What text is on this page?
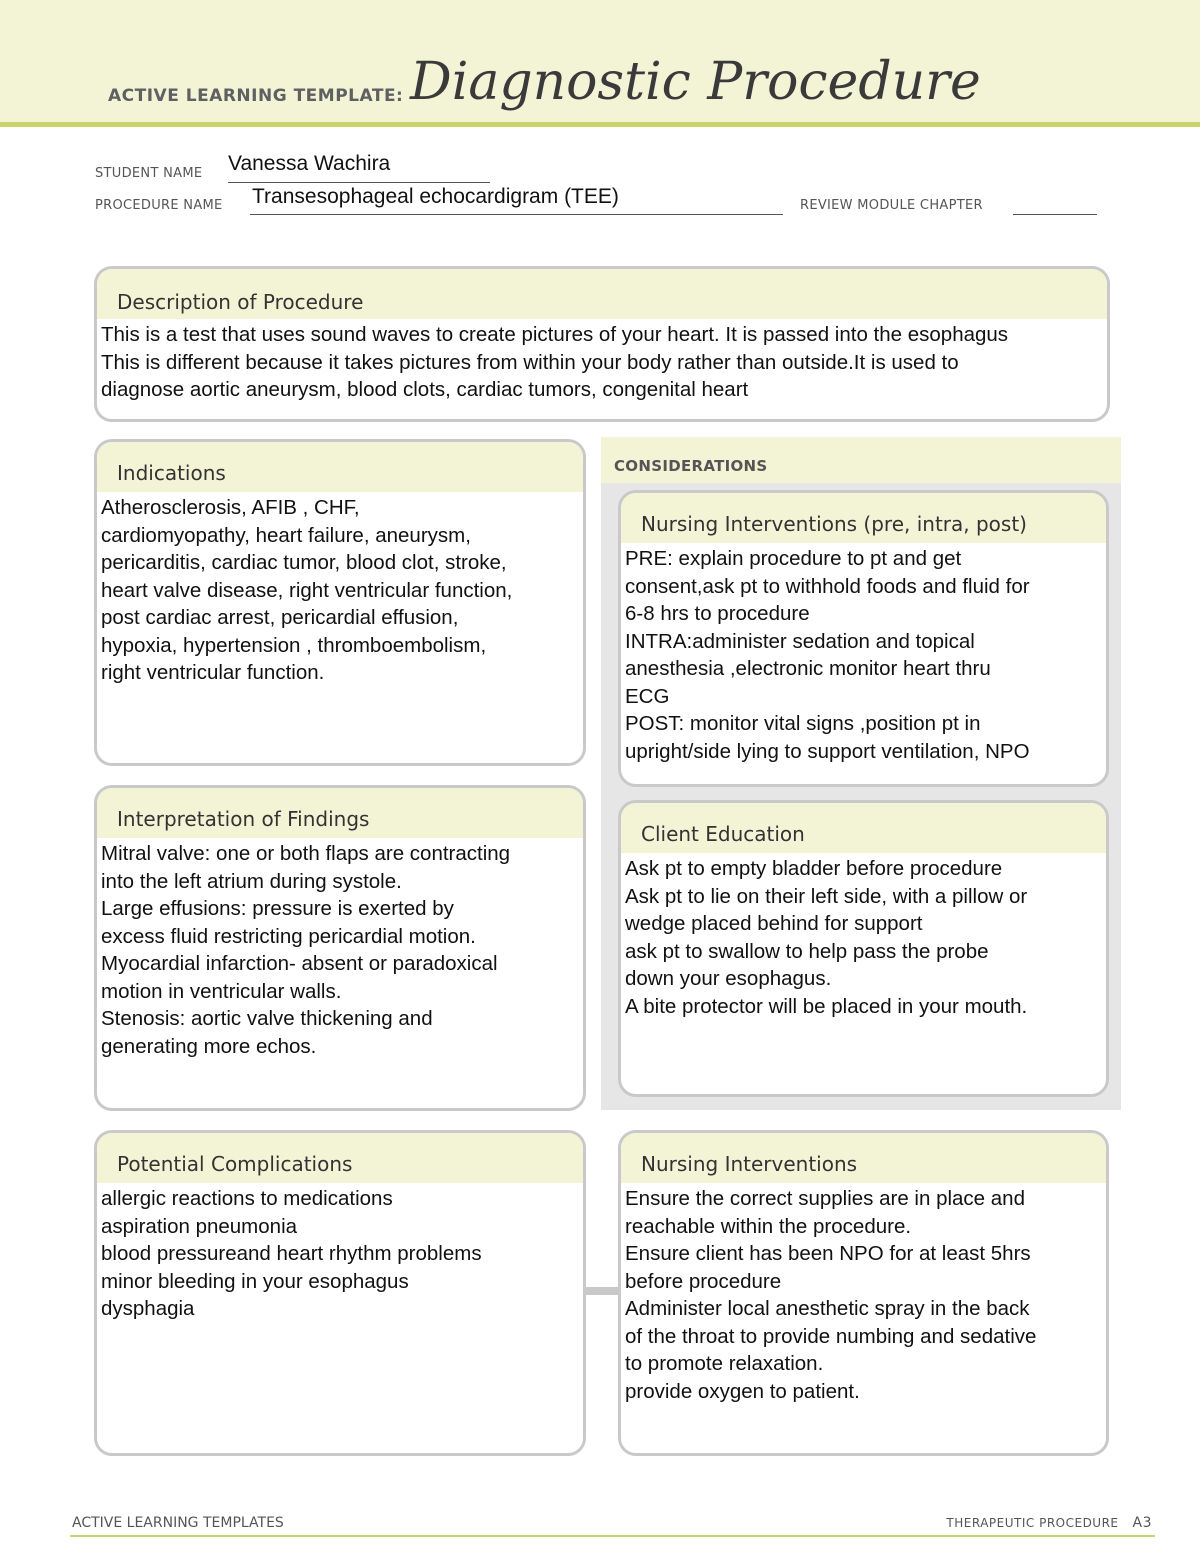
ACTIVE LEARNING TEMPLATE: Diagnostic Procedure
STUDENT NAME Vanessa Wachira
PROCEDURE NAME Transesophageal echocardigram (TEE)	REVIEW MODULE CHAPTER
Description of Procedure
This is a test that uses sound waves to create pictures of your heart. It is passed into the esophagus This is different because it takes pictures from within your body rather than outside.It is used to diagnose aortic aneurysm, blood clots, cardiac tumors, congenital heart
Indications
Atherosclerosis, AFIB , CHF,
cardiomyopathy, heart failure, aneurysm,
pericarditis, cardiac tumor, blood clot, stroke,
heart valve disease, right ventricular function,
post cardiac arrest, pericardial effusion,
hypoxia, hypertension , thromboembolism,
right ventricular function.
CONSIDERATIONS
Nursing Interventions (pre, intra, post)
PRE: explain procedure to pt and get
consent,ask pt to withhold foods and fluid for
6-8 hrs to procedure
INTRA:administer sedation and topical
anesthesia ,electronic monitor heart thru
ECG
POST: monitor vital signs ,position pt in
upright/side lying to support ventilation, NPO
Interpretation of Findings
Mitral valve: one or both flaps are contracting
into the left atrium during systole.
Large effusions: pressure is exerted by
excess fluid restricting pericardial motion.
Myocardial infarction- absent or paradoxical
motion in ventricular walls.
Stenosis: aortic valve thickening and
generating more echos.
Client Education
Ask pt to empty bladder before procedure
Ask pt to lie on their left side, with a pillow or
wedge placed behind for support
ask pt to swallow to help pass the probe
down your esophagus.
A bite protector will be placed in your mouth.
Potential Complications
allergic reactions to medications
aspiration pneumonia
blood pressureand heart rhythm problems
minor bleeding in your esophagus
dysphagia
Nursing Interventions
Ensure the correct supplies are in place and
reachable within the procedure.
Ensure client has been NPO for at least 5hrs
before procedure
Administer local anesthetic spray in the back
of the throat to provide numbing and sedative
to promote relaxation.
provide oxygen to patient.
ACTIVE LEARNING TEMPLATES	THERAPEUTIC PROCEDURE A3
